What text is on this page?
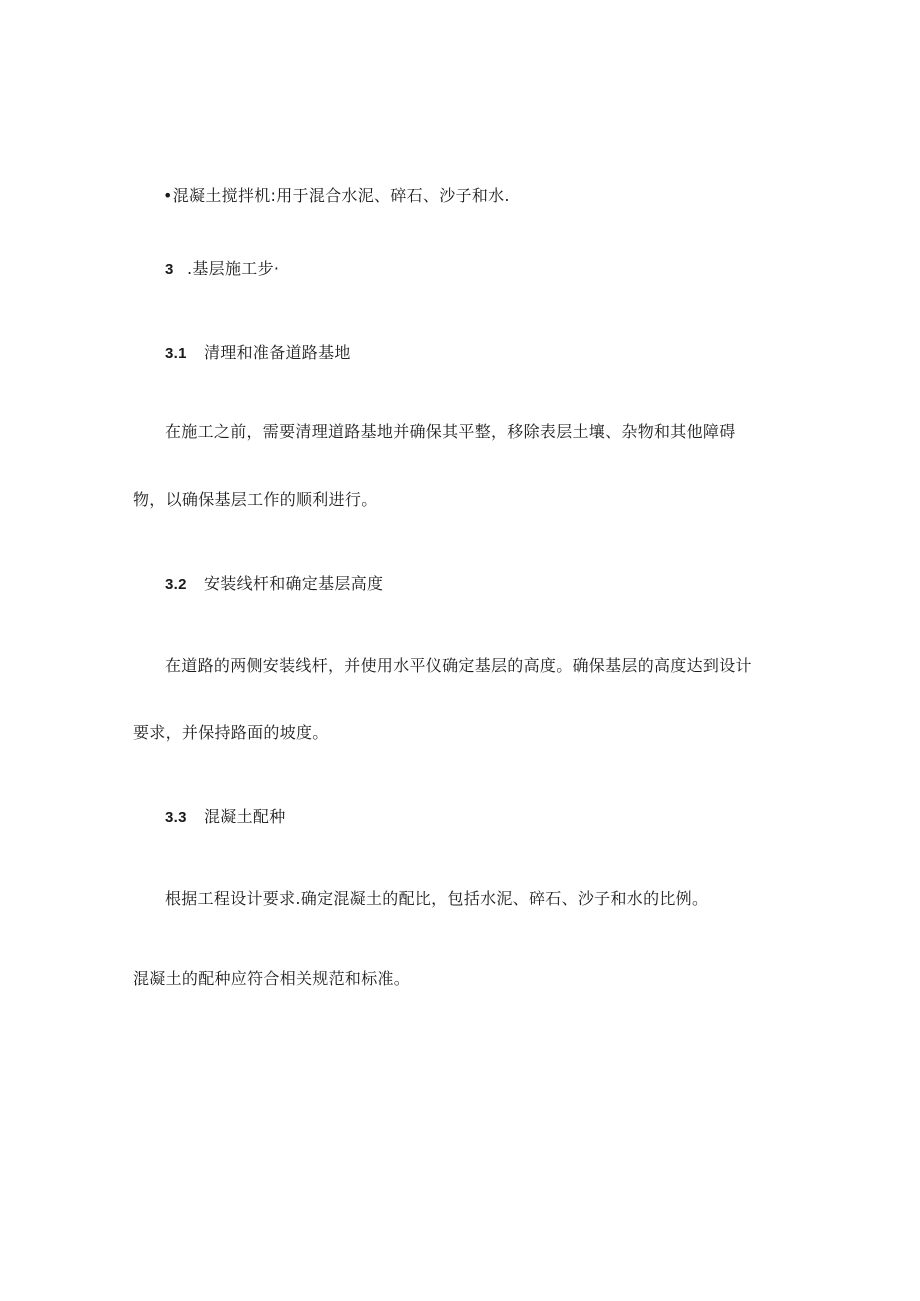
•混凝土搅拌机:用于混合水泥、碎石、沙子和水.
3 .基层施工步·
3.1	清理和准备道路基地
在施工之前，需要清理道路基地并确保其平整，移除表层土壤、杂物和其他障碍
物，以确保基层工作的顺利进行。
3.2	安装线杆和确定基层高度
在道路的两侧安装线杆，并使用水平仪确定基层的高度。确保基层的高度达到设计
要求，并保持路面的坡度。
3.3	混凝土配种
根据工程设计要求.确定混凝土的配比，包括水泥、碎石、沙子和水的比例。
混凝土的配种应符合相关规范和标准。
